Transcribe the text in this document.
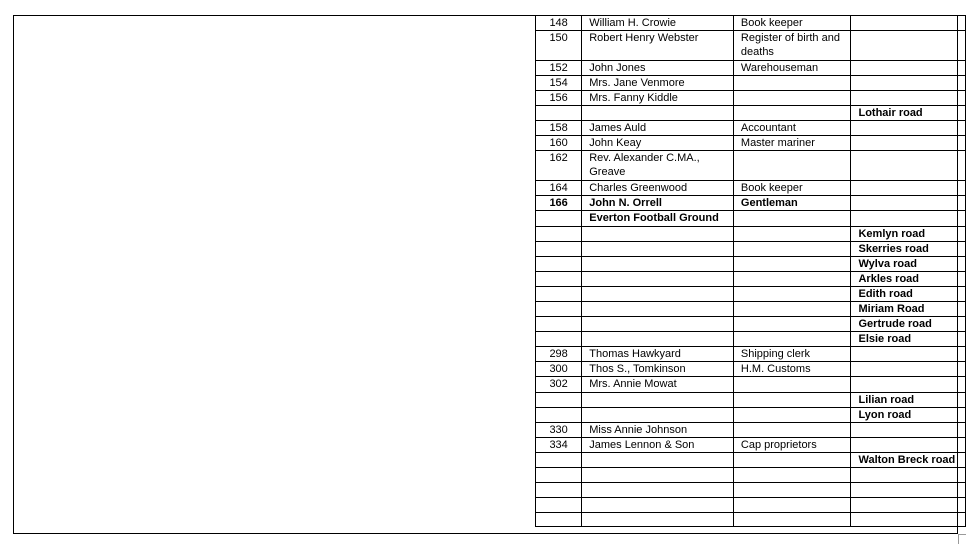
148	William H. Crowie	Book keeper	
150	Robert Henry Webster	Register of birth and deaths	
152	John Jones	Warehouseman	
154	Mrs. Jane Venmore		
156	Mrs. Fanny Kiddle		
			Lothair road
158	James Auld	Accountant	
160	John Keay	Master mariner	
162	Rev. Alexander C.MA., Greave		
164	Charles Greenwood	Book keeper	
166	John N. Orrell	Gentleman	
	Everton Football Ground		
			Kemlyn road
			Skerries road
			Wylva road
			Arkles road
			Edith road
			Miriam Road
			Gertrude road
			Elsie road
298	Thomas Hawkyard	Shipping clerk	
300	Thos S., Tomkinson	H.M. Customs	
302	Mrs. Annie Mowat		
			Lilian road
			Lyon road
330	Miss Annie Johnson		
334	James Lennon & Son	Cap proprietors	
			Walton Breck road
